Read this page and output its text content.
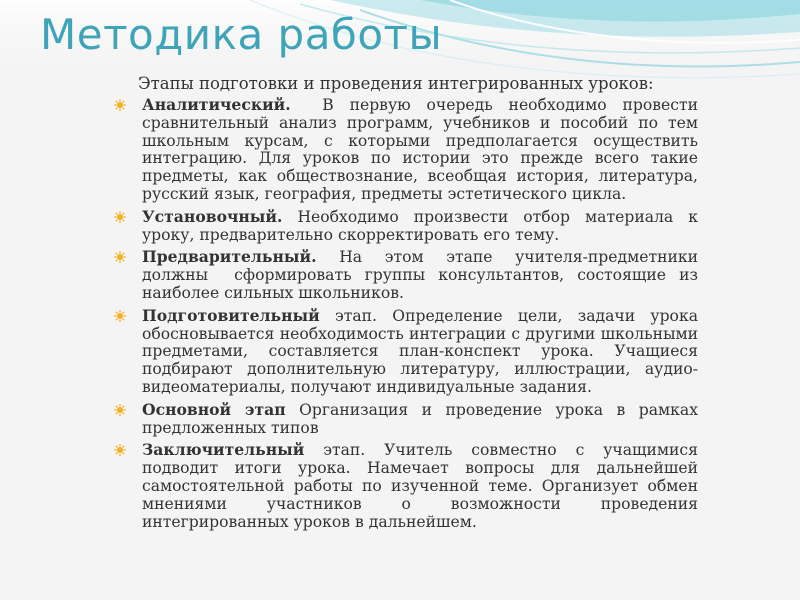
Методика работы
Этапы подготовки и проведения интегрированных уроков:
Аналитический.  В первую очередь необходимо провести сравнительный анализ программ, учебников и пособий по тем школьным курсам, с которыми предполагается осуществить интеграцию. Для уроков по истории это прежде всего такие предметы, как обществознание, всеобщая история, литература, русский язык, география, предметы эстетического цикла.
Установочный. Необходимо произвести отбор материала к уроку, предварительно скорректировать его тему.
Предварительный. На этом этапе учителя-предметники должны  сформировать группы консультантов, состоящие из наиболее сильных школьников.
Подготовительный этап. Определение цели, задачи урока обосновывается необходимость интеграции с другими школьными предметами, составляется план-конспект урока. Учащиеся подбирают дополнительную литературу, иллюстрации, аудио-видеоматериалы, получают индивидуальные задания.
Основной этап Организация и проведение урока в рамках предложенных типов
Заключительный этап. Учитель совместно с учащимися подводит итоги урока. Намечает вопросы для дальнейшей самостоятельной работы по изученной теме. Организует обмен мнениями участников о возможности проведения интегрированных уроков в дальнейшем.
